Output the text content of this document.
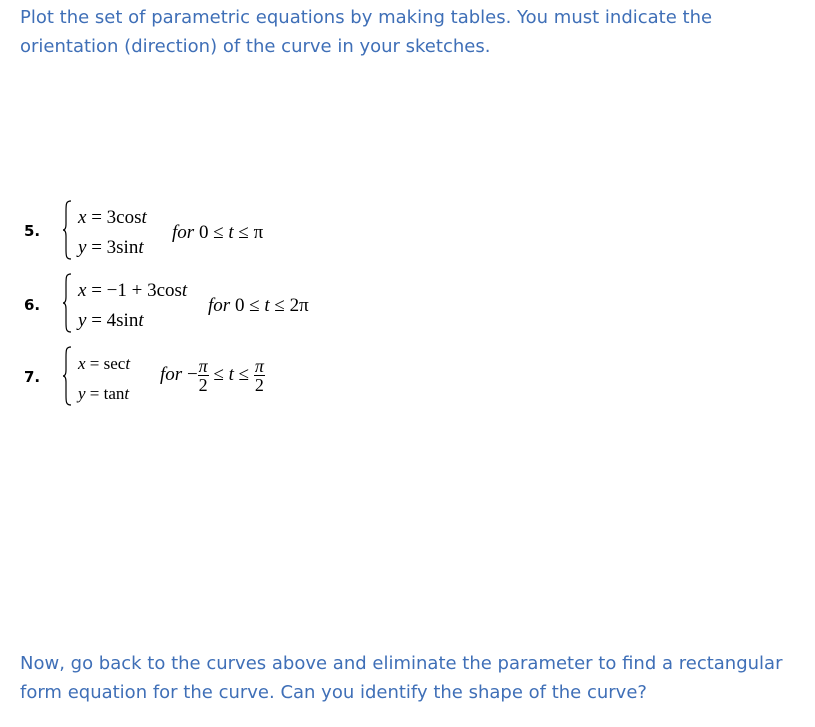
Plot the set of parametric equations by making tables. You must indicate the orientation (direction) of the curve in your sketches.

5.
x = 3cost
y = 3sint
for 0 ≤ t ≤ π
6.
x = −1 + 3cost
y = 4sint
for 0 ≤ t ≤ 2π
7.
x = sect
y = tant
for − $\frac{\pi}{2} \le t \le \frac{\pi}{2}$

Now, go back to the curves above and eliminate the parameter to find a rectangular form equation for the curve. Can you identify the shape of the curve?
